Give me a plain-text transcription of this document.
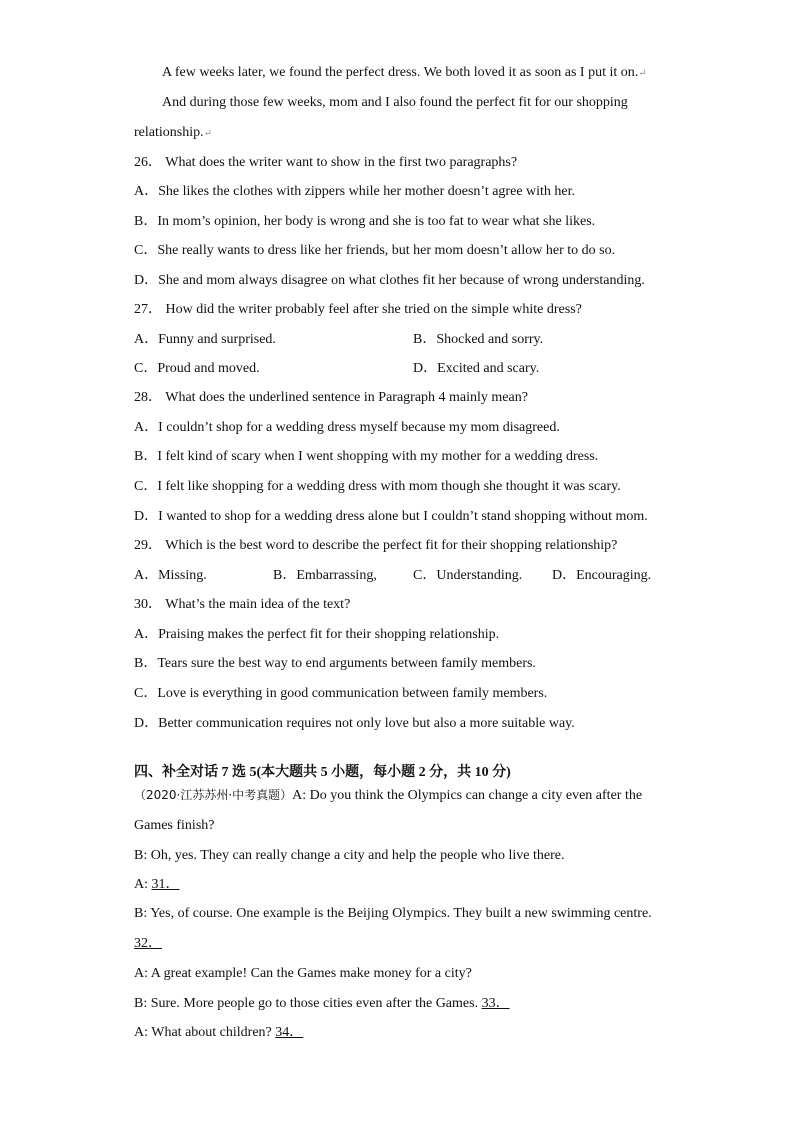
A few weeks later, we found the perfect dress. We both loved it as soon as I put it on.↵
And during those few weeks, mom and I also found the perfect fit for our shopping
relationship.↵
26． What does the writer want to show in the first two paragraphs?
A．She likes the clothes with zippers while her mother doesn’t agree with her.
B．In mom’s opinion, her body is wrong and she is too fat to wear what she likes.
C．She really wants to dress like her friends, but her mom doesn’t allow her to do so.
D．She and mom always disagree on what clothes fit her because of wrong understanding.
27． How did the writer probably feel after she tried on the simple white dress?
A．Funny and surprised.	B．Shocked and sorry.
C．Proud and moved.	D．Excited and scary.
28． What does the underlined sentence in Paragraph 4 mainly mean?
A．I couldn’t shop for a wedding dress myself because my mom disagreed.
B．I felt kind of scary when I went shopping with my mother for a wedding dress.
C．I felt like shopping for a wedding dress with mom though she thought it was scary.
D．I wanted to shop for a wedding dress alone but I couldn’t stand shopping without mom.
29． Which is the best word to describe the perfect fit for their shopping relationship?
A．Missing.	B．Embarrassing,	C．Understanding. D．Encouraging.
30． What’s the main idea of the text?
A．Praising makes the perfect fit for their shopping relationship.
B．Tears sure the best way to end arguments between family members.
C．Love is everything in good communication between family members.
D．Better communication requires not only love but also a more suitable way.
四、补全对话 7 选 5(本大题共 5 小题，每小题 2 分，共 10 分)
（2020·江苏苏州·中考真题）A: Do you think the Olympics can change a city even after the
Games finish?
B: Oh, yes. They can really change a city and help the people who live there.
A: 31．
B: Yes, of course. One example is the Beijing Olympics. They built a new swimming centre.
32．
A: A great example! Can the Games make money for a city?
B: Sure. More people go to those cities even after the Games. 33．
A: What about children? 34．
